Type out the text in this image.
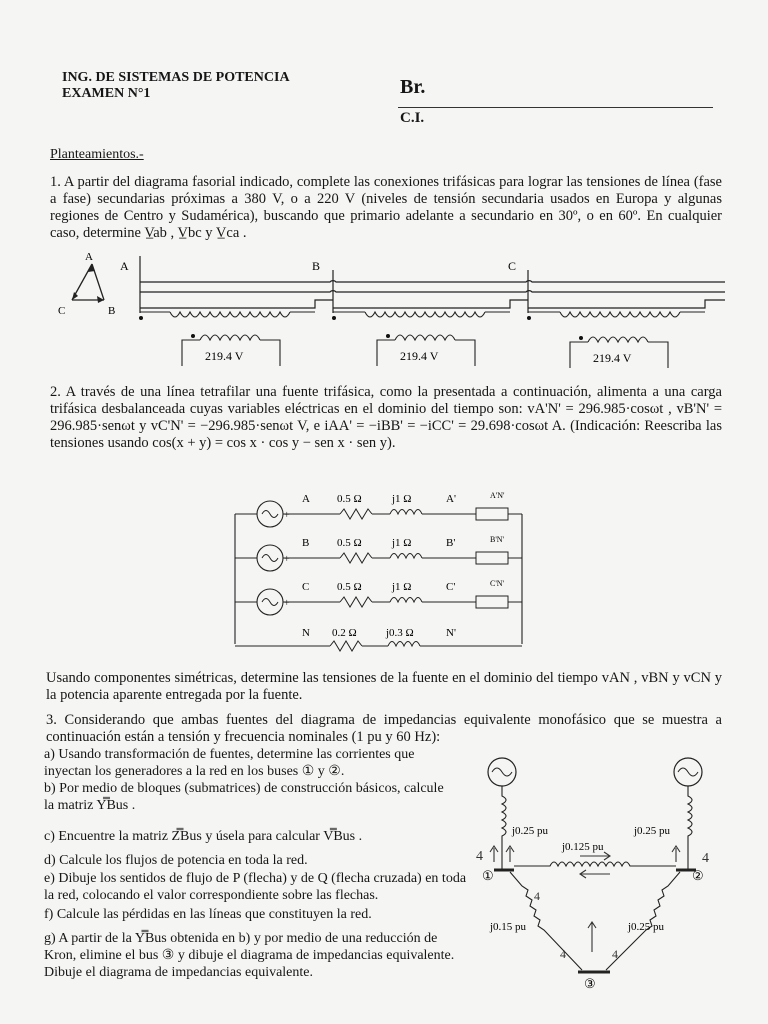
ING. DE SISTEMAS DE POTENCIA
EXAMEN N°1	Br.
C.I.
Planteamientos.-

1. A partir del diagrama fasorial indicado, complete las conexiones trifásicas para lograr las tensiones de línea (fase a fase) secundarias próximas a 380 V, o a 220 V (niveles de tensión secundaria usados en Europa y algunas regiones de Centro y Sudamérica), buscando que primario adelante a secundario en 30º, o en 60º. En cualquier caso, determine V̲ab , V̲bc y V̲ca .

A
C	B
A	B	C
219.4 V	219.4 V	219.4 V

2. A través de una línea tetrafilar una fuente trifásica, como la presentada a continuación, alimenta a una carga trifásica desbalanceada cuyas variables eléctricas en el dominio del tiempo son: vA'N' = 296.985·cosωt , vB'N' = 296.985·senωt y vC'N' = −296.985·senωt V, e iAA' = −iBB' = −iCC' = 29.698·cosωt A. (Indicación: Reescriba las tensiones usando cos(x + y) = cos x · cos y − sen x · sen y).

+
A 0.5 Ω	j1 Ω	A'	A'N'
+
B	0.5 Ω	j1 Ω	B'	B'N'
+
C	0.5 Ω	j1 Ω	C'	C'N'
N 0.2 Ω	j0.3 Ω	N'

Usando componentes simétricas, determine las tensiones de la fuente en el dominio del tiempo vAN , vBN y vCN y la potencia aparente entregada por la fuente.

3. Considerando que ambas fuentes del diagrama de impedancias equivalente monofásico que se muestra a continuación están a tensión y frecuencia nominales (1 pu y 60 Hz):

a) Usando transformación de fuentes, determine las corrientes que inyectan los generadores a la red en los buses ① y ②.

b) Por medio de bloques (submatrices) de construcción básicos, calcule la matriz Y̿Bus .

c) Encuentre la matriz Z̿Bus y úsela para calcular V̿Bus .

d) Calcule los flujos de potencia en toda la red.

e) Dibuje los sentidos de flujo de P (flecha) y de Q (flecha cruzada) en toda la red, colocando el valor correspondiente sobre las flechas.

f) Calcule las pérdidas en las líneas que constituyen la red.

g) A partir de la Y̿Bus obtenida en b) y por medio de una reducción de Kron, elimine el bus ③ y dibuje el diagrama de impedancias equivalente. Dibuje el diagrama de impedancias equivalente.

j0.25 pu	j0.25 pu
j0.125 pu
j0.15 pu	j0.25 pu
4	4
4
4	4
①	②
③
